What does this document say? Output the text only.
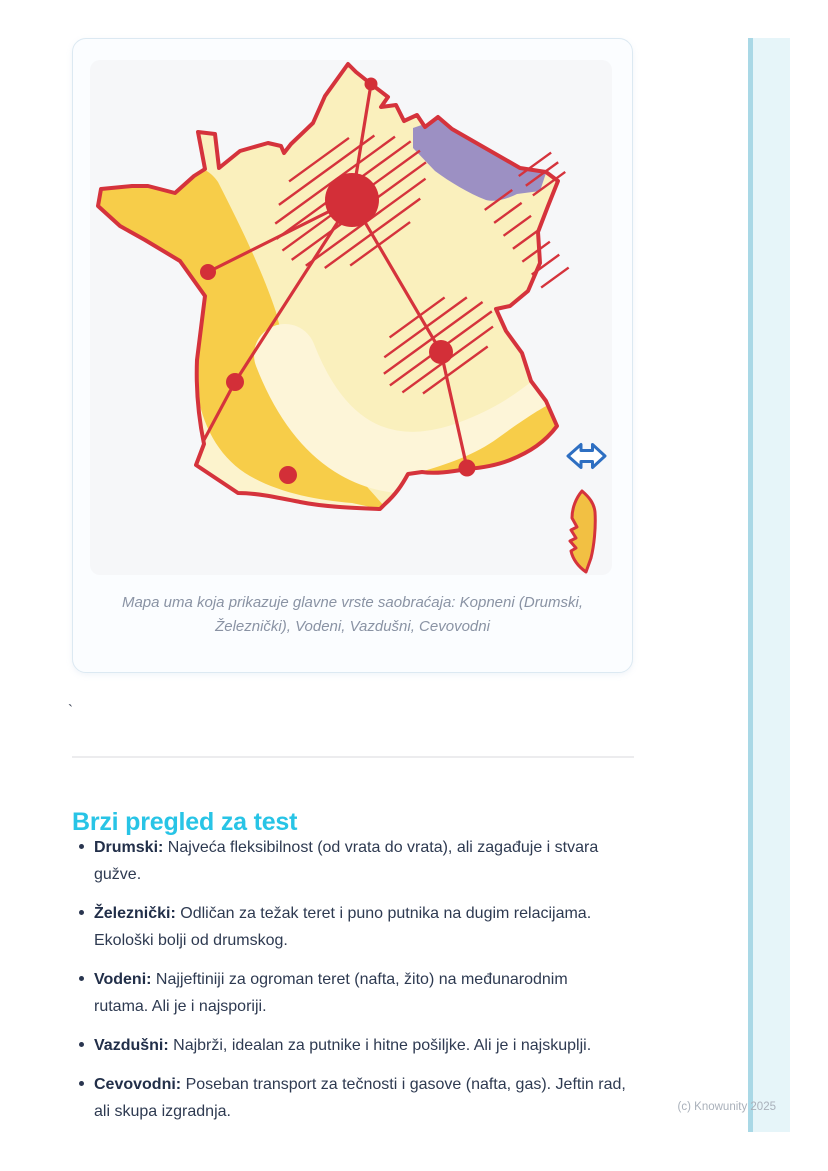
Mapa uma koja prikazuje glavne vrste saobraćaja: Kopneni (Drumski, Železnički), Vodeni, Vazdušni, Cevovodni
`
Brzi pregled za test
Drumski: Najveća fleksibilnost (od vrata do vrata), ali zagađuje i stvara gužve.
Železnički: Odličan za težak teret i puno putnika na dugim relacijama. Ekološki bolji od drumskog.
Vodeni: Najjeftiniji za ogroman teret (nafta, žito) na međunarodnim rutama. Ali je i najsporiji.
Vazdušni: Najbrži, idealan za putnike i hitne pošiljke. Ali je i najskuplji.
Cevovodni: Poseban transport za tečnosti i gasove (nafta, gas). Jeftin rad, ali skupa izgradnja.	(c) Knowunity 2025
